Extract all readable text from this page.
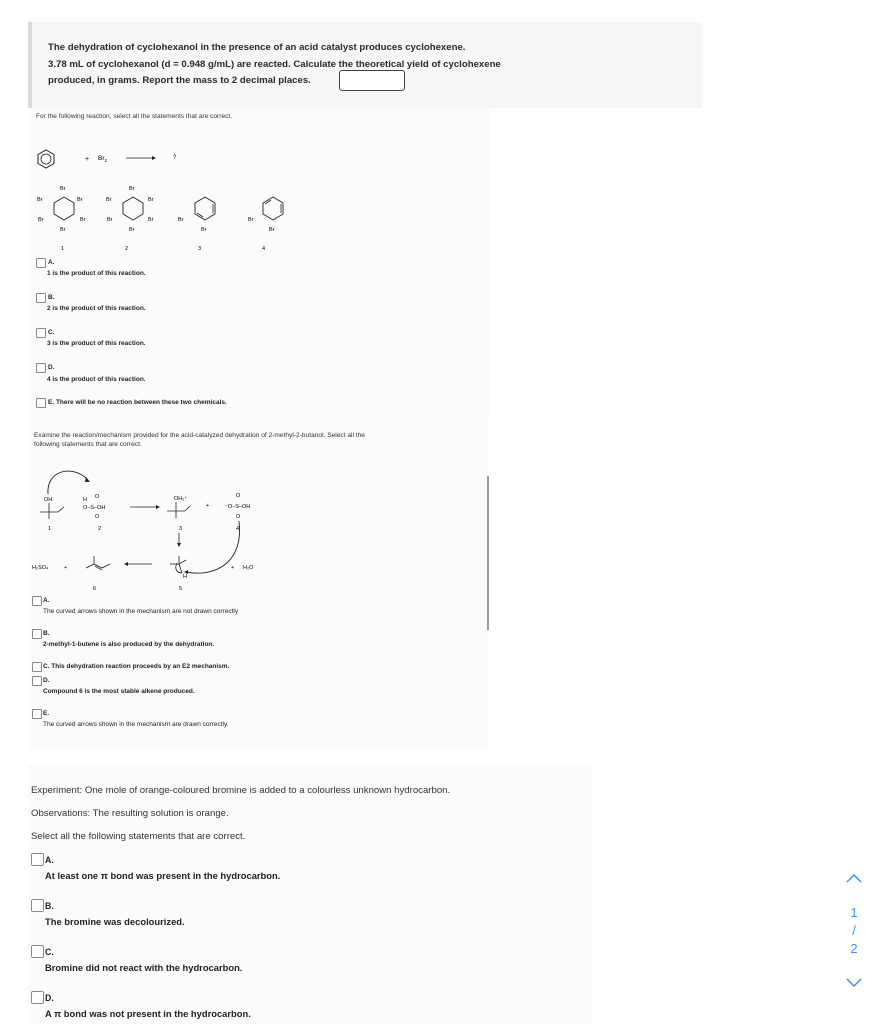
The dehydration of cyclohexanol in the presence of an acid catalyst produces cyclohexene.
3.78 mL of cyclohexanol (d = 0.948 g/mL) are reacted. Calculate the theoretical yield of cyclohexene
produced, in grams. Report the mass to 2 decimal places.
For the following reaction, select all the statements that are correct.
+ $Br_2$	?
Br
Br
Br
Br	Br
Br
1
Br
Br	Br
Br	Br
Br
2
Br
Br
3
Br
Br
4
A.
1 is the product of this reaction.
B.
2 is the product of this reaction.
C.
3 is the product of this reaction.
D.
4 is the product of this reaction.
E. There will be no reaction between these two chemicals.
Examine the reaction/mechanism provided for the acid-catalyzed dehydration of 2-methyl-2-butanol. Select all the
following statements that are correct.
OH
1
H O
O–S–OH
O
2
OH₂⁺
3
+
O
⁻O–S–OH
O
4
H
5
+ H₂O
6
H₂SO₄	+
A.
The curved arrows shown in the mechanism are not drawn correctly
B.
2-methyl-1-butene is also produced by the dehydration.
C. This dehydration reaction proceeds by an E2 mechanism.
D.
Compound 6 is the most stable alkene produced.
E.
The curved arrows shown in the mechanism are drawn correctly.
Experiment: One mole of orange-coloured bromine is added to a colourless unknown hydrocarbon.
Observations: The resulting solution is orange.
Select all the following statements that are correct.
A.
At least one π bond was present in the hydrocarbon.
B.
The bromine was decolourized.
C.
Bromine did not react with the hydrocarbon.
D.
A π bond was not present in the hydrocarbon.
1
/
2
